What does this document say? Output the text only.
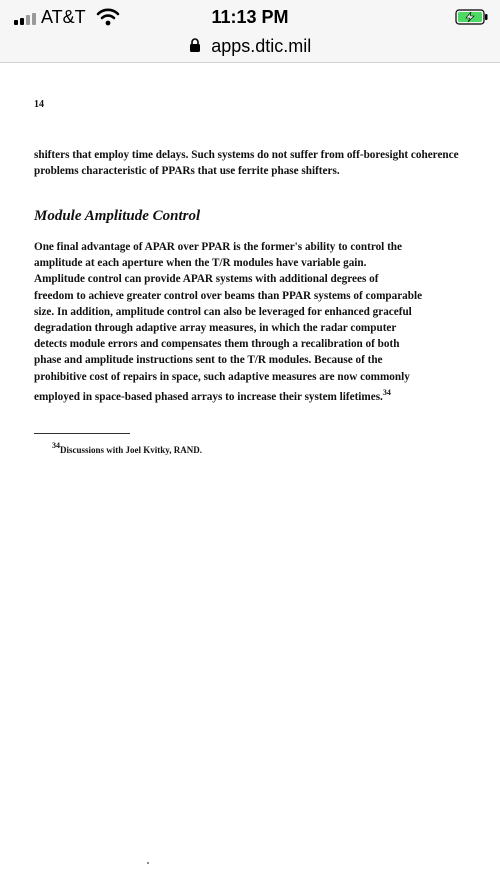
AT&T	11:13 PM
apps.dtic.mil
14
shifters that employ time delays. Such systems do not suffer from off-boresight coherence problems characteristic of PPARs that use ferrite phase shifters.
Module Amplitude Control
One final advantage of APAR over PPAR is the former's ability to control the
amplitude at each aperture when the T/R modules have variable gain.
Amplitude control can provide APAR systems with additional degrees of
freedom to achieve greater control over beams than PPAR systems of comparable
size. In addition, amplitude control can also be leveraged for enhanced graceful
degradation through adaptive array measures, in which the radar computer
detects module errors and compensates them through a recalibration of both
phase and amplitude instructions sent to the T/R modules. Because of the
prohibitive cost of repairs in space, such adaptive measures are now commonly
employed in space-based phased arrays to increase their system lifetimes.$^{34}$
$^{34}$Discussions with Joel Kvitky, RAND.
